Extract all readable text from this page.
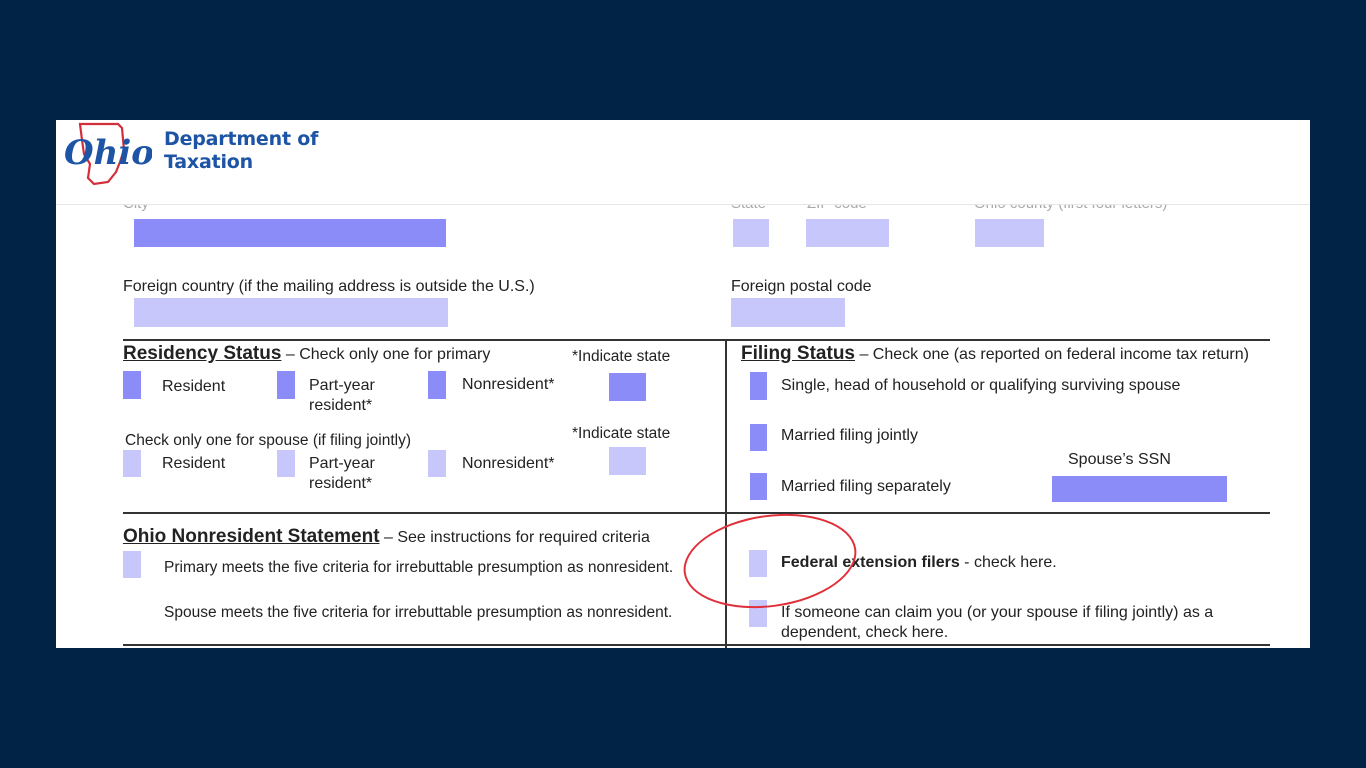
Ohio Department of
Taxation
Foreign country (if the mailing address is outside the U.S.)	Foreign postal code
Residency Status – Check only one for primary	*Indicate state
Resident	Part-year
resident*
Nonresident*
Check only one for spouse (if filing jointly)	*Indicate state
Resident	Part-year
resident*
Nonresident*
Filing Status – Check one (as reported on federal income tax return)
Single, head of household or qualifying surviving spouse
Married filing jointly
Spouse’s SSN
Married filing separately
Ohio Nonresident Statement – See instructions for required criteria
Primary meets the five criteria for irrebuttable presumption as nonresident.
Spouse meets the five criteria for irrebuttable presumption as nonresident.
Federal extension filers - check here.
If someone can claim you (or your spouse if filing jointly) as a
dependent, check here.
